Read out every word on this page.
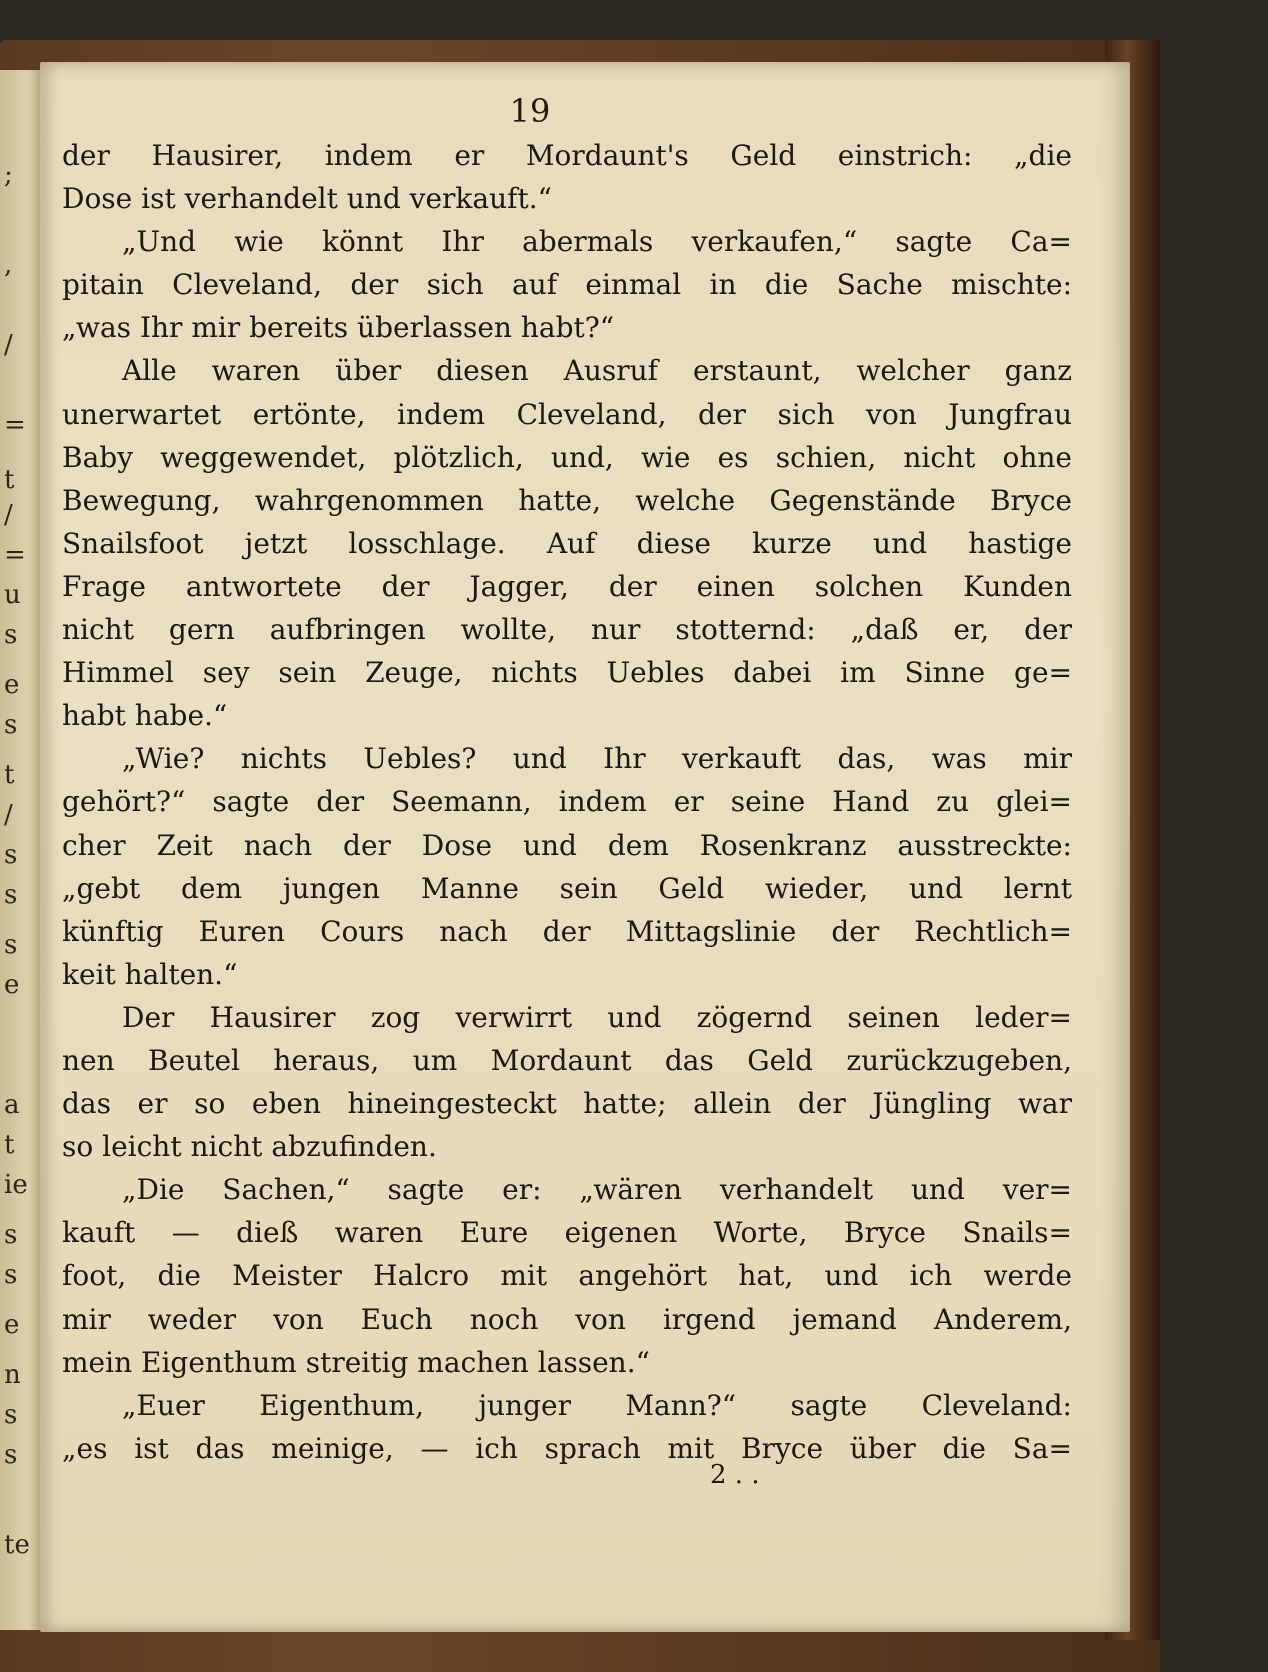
;
,
/
=
t
/
=
u
s
e
s
t
/
s
s
s
e
a
t
ie
s
s
e
n
s
s
te
19
der Hausirer, indem er Mordaunt's Geld einstrich: „die
Dose ist verhandelt und verkauft.“
„Und wie könnt Ihr abermals verkaufen,“ sagte Ca=
pitain Cleveland, der sich auf einmal in die Sache mischte:
„was Ihr mir bereits überlassen habt?“
Alle waren über diesen Ausruf erstaunt, welcher ganz
unerwartet ertönte, indem Cleveland, der sich von Jungfrau
Baby weggewendet, plötzlich, und, wie es schien, nicht ohne
Bewegung, wahrgenommen hatte, welche Gegenstände Bryce
Snailsfoot jetzt losschlage. Auf diese kurze und hastige
Frage antwortete der Jagger, der einen solchen Kunden
nicht gern aufbringen wollte, nur stotternd: „daß er, der
Himmel sey sein Zeuge, nichts Uebles dabei im Sinne ge=
habt habe.“
„Wie? nichts Uebles? und Ihr verkauft das, was mir
gehört?“ sagte der Seemann, indem er seine Hand zu glei=
cher Zeit nach der Dose und dem Rosenkranz ausstreckte:
„gebt dem jungen Manne sein Geld wieder, und lernt
künftig Euren Cours nach der Mittagslinie der Rechtlich=
keit halten.“
Der Hausirer zog verwirrt und zögernd seinen leder=
nen Beutel heraus, um Mordaunt das Geld zurückzugeben,
das er so eben hineingesteckt hatte; allein der Jüngling war
so leicht nicht abzufinden.
„Die Sachen,“ sagte er: „wären verhandelt und ver=
kauft — dieß waren Eure eigenen Worte, Bryce Snails=
foot, die Meister Halcro mit angehört hat, und ich werde
mir weder von Euch noch von irgend jemand Anderem,
mein Eigenthum streitig machen lassen.“
„Euer Eigenthum, junger Mann?“ sagte Cleveland:
„es ist das meinige, — ich sprach mit Bryce über die Sa=
2 . .
